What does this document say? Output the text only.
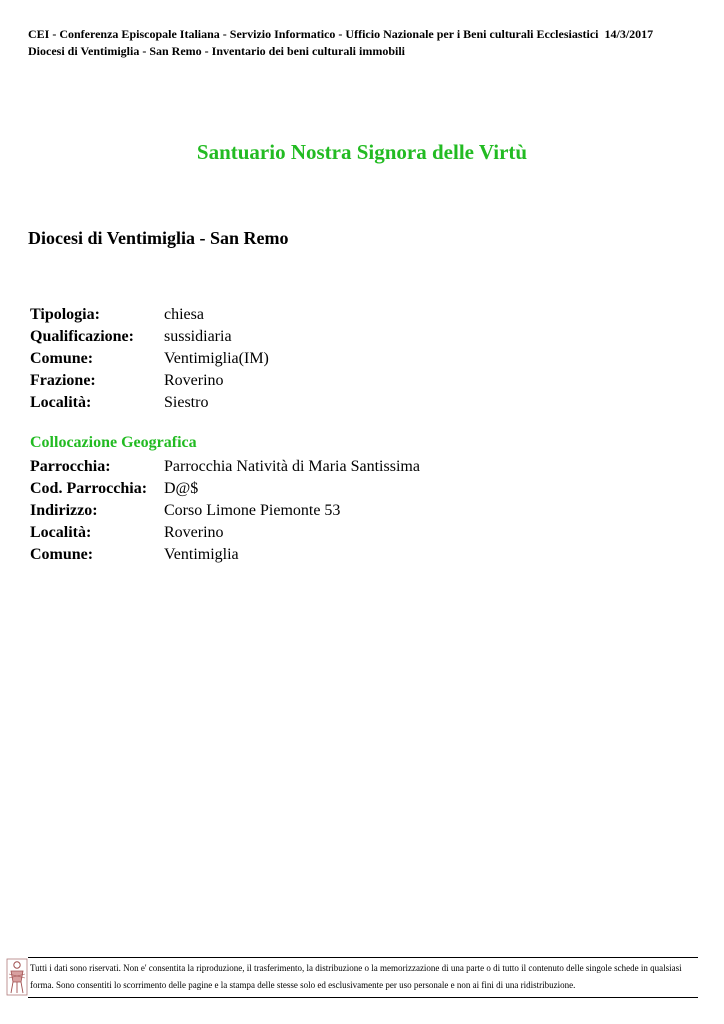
CEI - Conferenza Episcopale Italiana - Servizio Informatico - Ufficio Nazionale per i Beni culturali Ecclesiastici 14/3/2017
Diocesi di Ventimiglia - San Remo - Inventario dei beni culturali immobili
Santuario Nostra Signora delle Virtù
Diocesi di Ventimiglia - San Remo
Tipologia:	chiesa
Qualificazione:	sussidiaria
Comune:	Ventimiglia(IM)
Frazione:	Roverino
Località:	Siestro
Collocazione Geografica
Parrocchia:	Parrocchia Natività di Maria Santissima
Cod. Parrocchia:	D@$
Indirizzo:	Corso Limone Piemonte 53
Località:	Roverino
Comune:	Ventimiglia
Tutti i dati sono riservati. Non e' consentita la riproduzione, il trasferimento, la distribuzione o la memorizzazione di una parte o di tutto il contenuto delle singole schede in qualsiasi forma. Sono consentiti lo scorrimento delle pagine e la stampa delle stesse solo ed esclusivamente per uso personale e non ai fini di una ridistribuzione.
